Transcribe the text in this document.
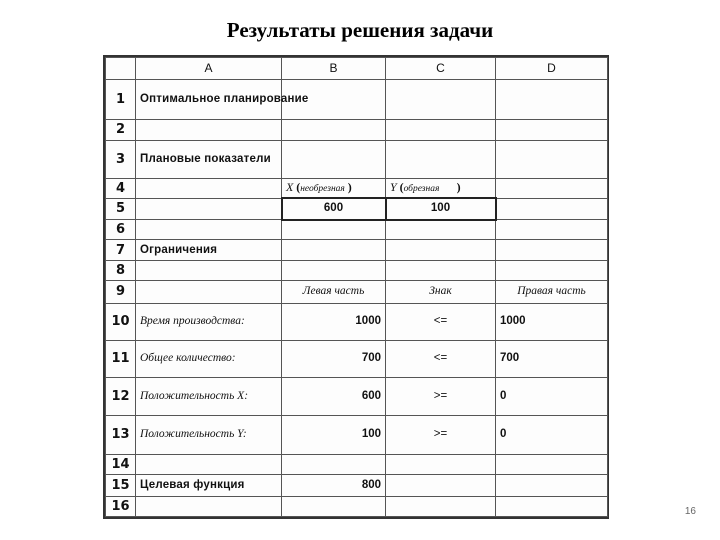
Результаты решения задачи
	A	B	C	D
1	Оптимальное планирование			
2				
3	Плановые показатели			
4		X (необрезная )	Y (обрезная )	
5		600	100	
6				
7	Ограничения			
8				
9		Левая часть	Знак	Правая часть
10	Время производства:	1000	<=	1000
11	Общее количество:	700	<=	700
12	Положительность X:	600	>=	0
13	Положительность Y:	100	>=	0
14				
15	Целевая функция	800		
16					16
